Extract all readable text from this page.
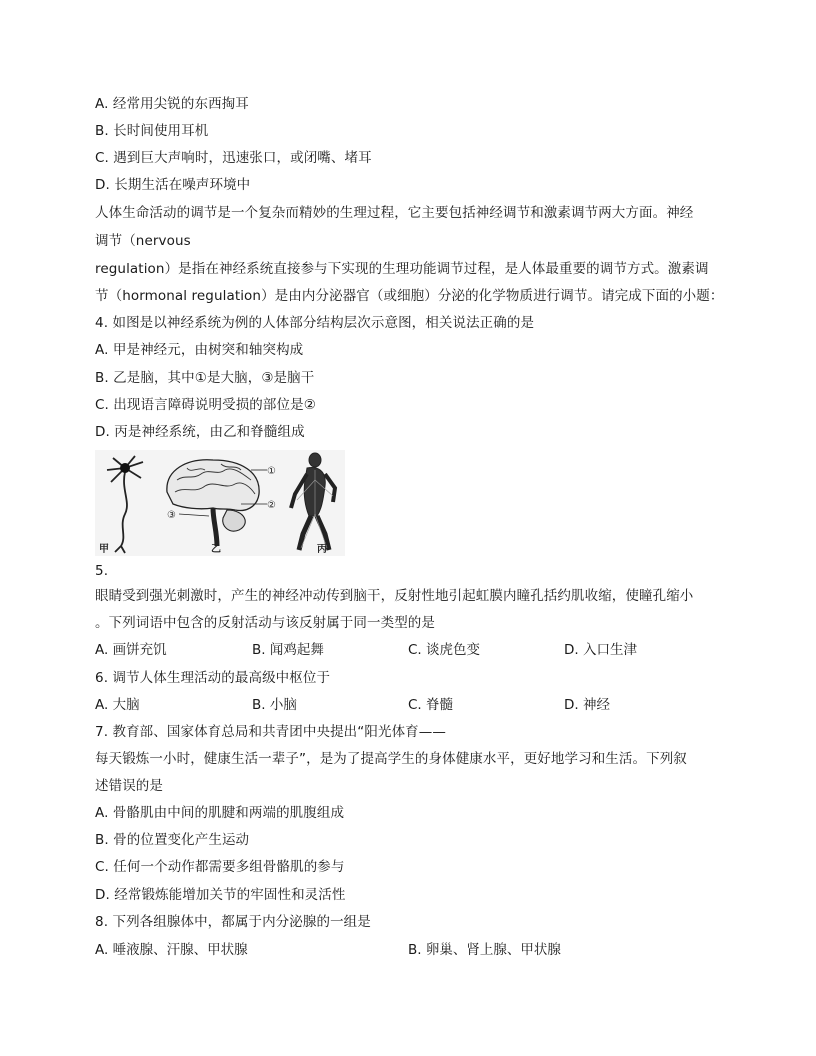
A. 经常用尖锐的东西掏耳
B. 长时间使用耳机
C. 遇到巨大声响时，迅速张口，或闭嘴、堵耳
D. 长期生活在噪声环境中
人体生命活动的调节是一个复杂而精妙的生理过程，它主要包括神经调节和激素调节两大方面。神经
调节（nervous
regulation）是指在神经系统直接参与下实现的生理功能调节过程，是人体最重要的调节方式。激素调
节（hormonal regulation）是由内分泌器官（或细胞）分泌的化学物质进行调节。请完成下面的小题：
4. 如图是以神经系统为例的人体部分结构层次示意图，相关说法正确的是
A. 甲是神经元，由树突和轴突构成
B. 乙是脑，其中①是大脑，③是脑干
C. 出现语言障碍说明受损的部位是②
D. 丙是神经系统，由乙和脊髓组成
①
②
③
甲	乙	丙
5.
眼睛受到强光刺激时，产生的神经冲动传到脑干，反射性地引起虹膜内瞳孔括约肌收缩，使瞳孔缩小
。下列词语中包含的反射活动与该反射属于同一类型的是
A. 画饼充饥	B. 闻鸡起舞	C. 谈虎色变	D. 入口生津
6. 调节人体生理活动的最高级中枢位于
A. 大脑	B. 小脑	C. 脊髓	D. 神经
7. 教育部、国家体育总局和共青团中央提出“阳光体育——
每天锻炼一小时，健康生活一辈子”，是为了提高学生的身体健康水平，更好地学习和生活。下列叙
述错误的是
A. 骨骼肌由中间的肌腱和两端的肌腹组成
B. 骨的位置变化产生运动
C. 任何一个动作都需要多组骨骼肌的参与
D. 经常锻炼能增加关节的牢固性和灵活性
8. 下列各组腺体中，都属于内分泌腺的一组是
A. 唾液腺、汗腺、甲状腺	B. 卵巢、肾上腺、甲状腺
